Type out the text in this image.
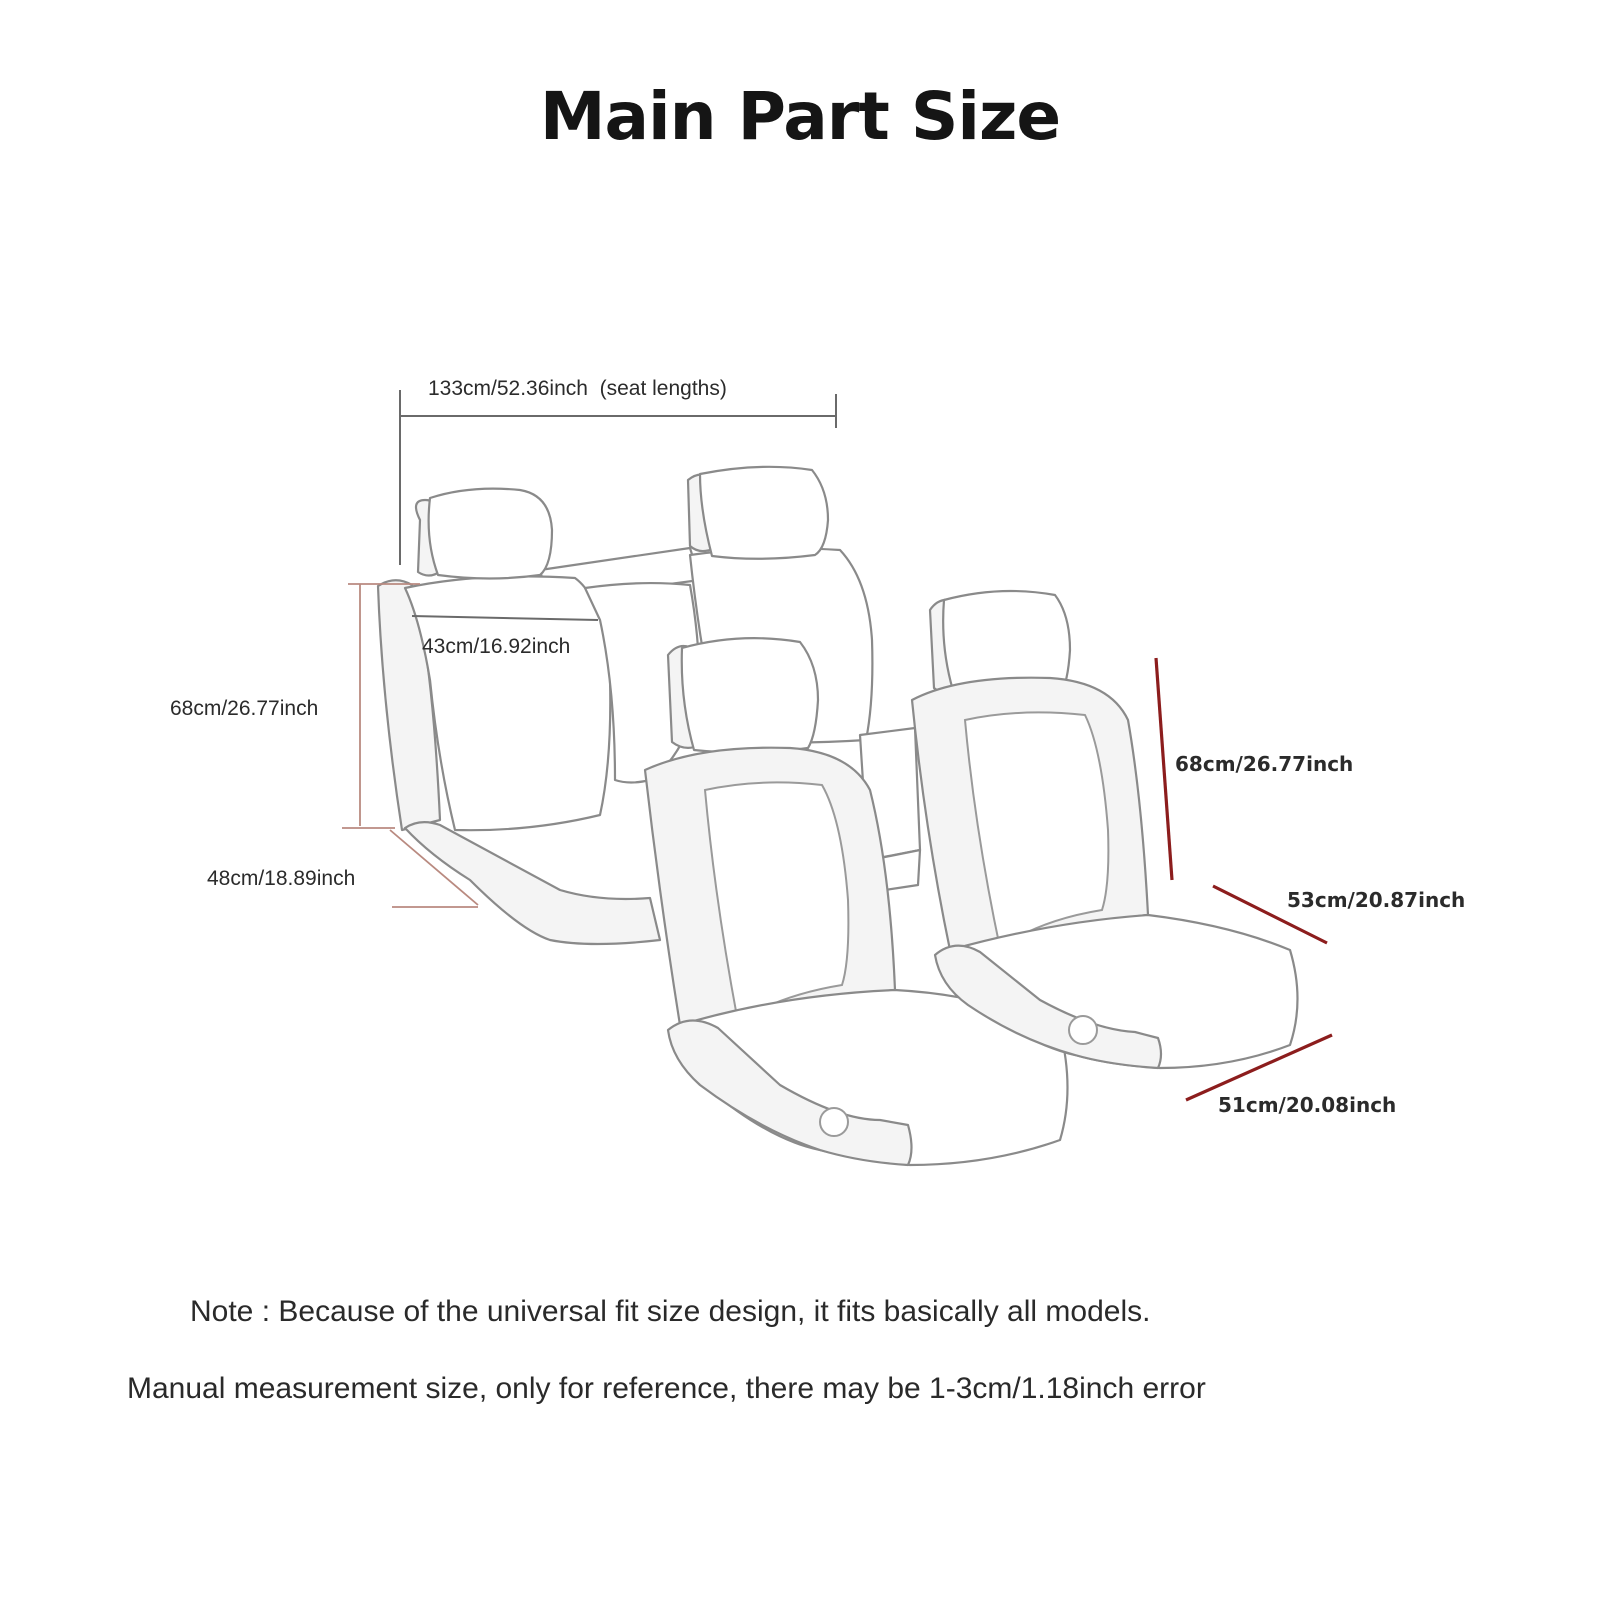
Main Part Size
133cm/52.36inch  (seat lengths)
43cm/16.92inch
68cm/26.77inch
48cm/18.89inch
68cm/26.77inch
53cm/20.87inch
51cm/20.08inch
Note : Because of the universal fit size design, it fits basically all models.
Manual measurement size, only for reference, there may be 1-3cm/1.18inch error
